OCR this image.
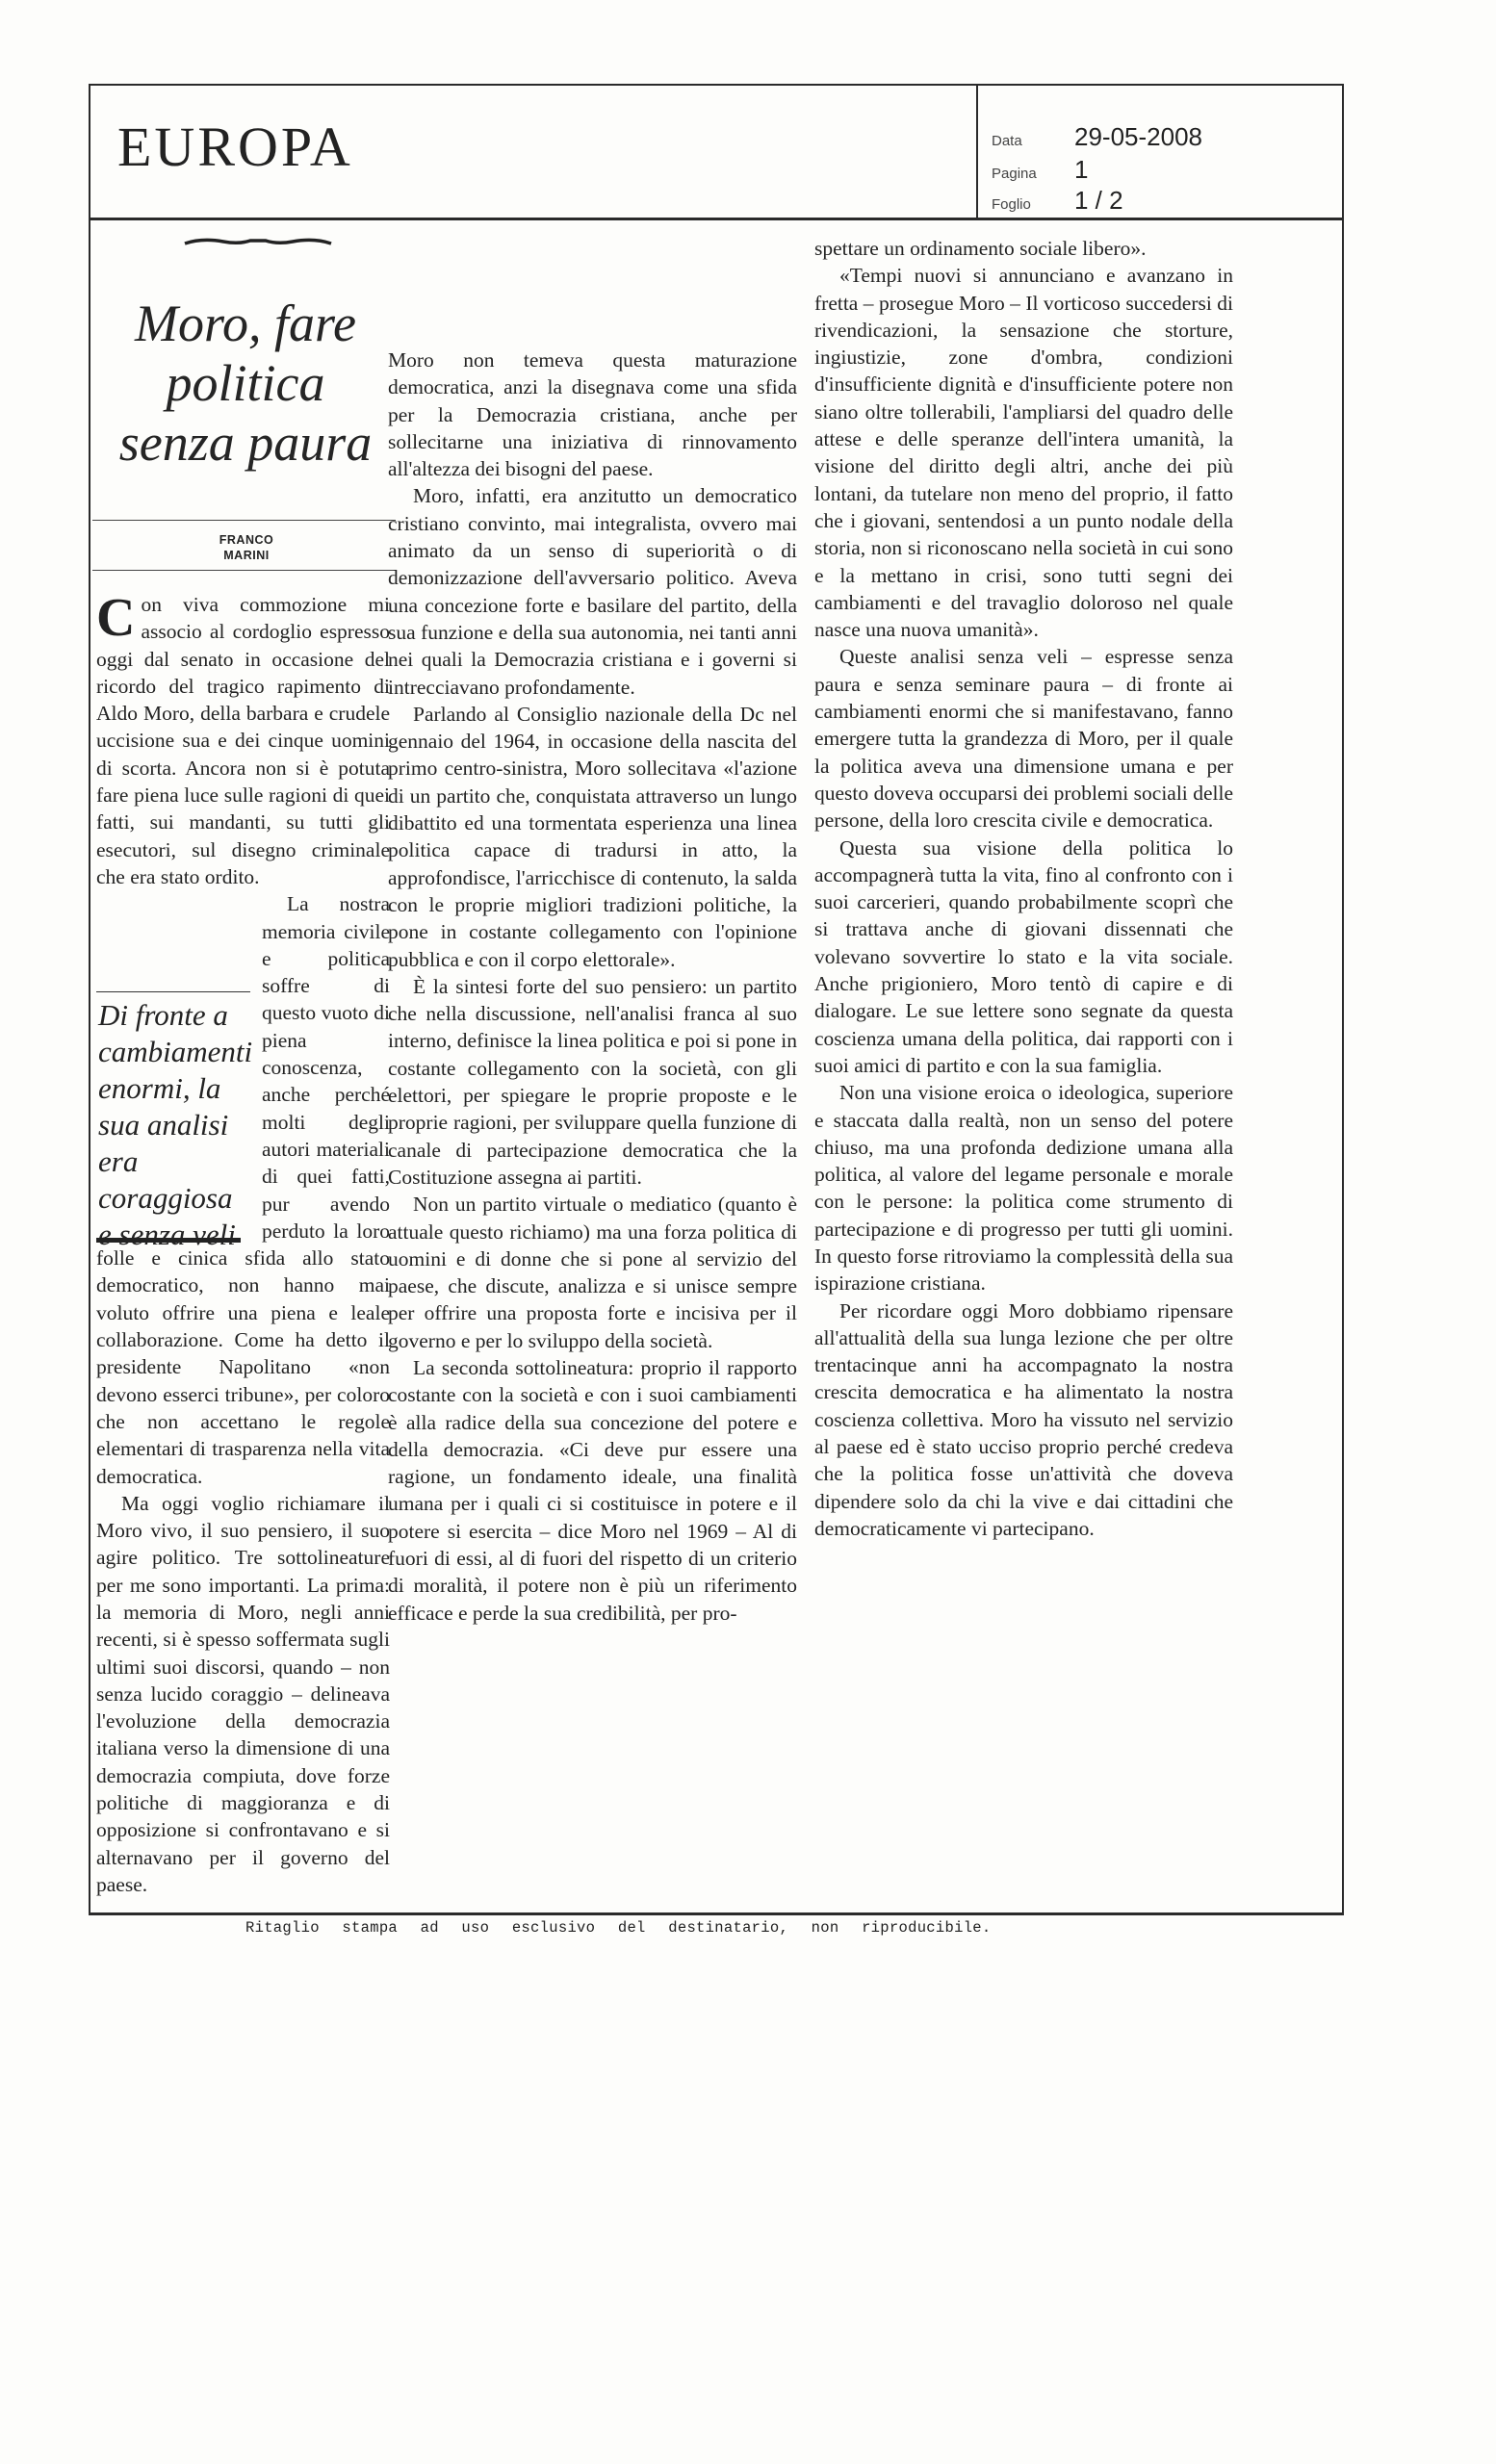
EUROPA	Data 29-05-2008
Pagina 1
Foglio 1 / 2
Moro, fare
politica
senza paura
FRANCO
MARINI

Con viva commozione mi associo al cordoglio espresso oggi dal senato in occasione del ricordo del tragico rapimento di Aldo Moro, della barbara e crudele uccisione sua e dei cinque uomini di scorta. Ancora non si è potuta fare piena luce sulle ragioni di quei fatti, sui mandanti, su tutti gli esecutori, sul disegno criminale che era stato ordito.

La nostra memoria civile e politica soffre di questo vuoto di piena conoscenza, anche perché molti degli autori materiali di quei fatti, pur avendo perduto la loro folle e cinica sfida allo stato democratico, non hanno mai voluto offrire una piena e leale collaborazione. Come ha detto il presidente Napolitano «non devono esserci tribune», per coloro che non accettano le regole elementari di trasparenza nella vita democratica.

Ma oggi voglio richiamare il Moro vivo, il suo pensiero, il suo agire politico. Tre sottolineature per me sono importanti. La prima: la memoria di Moro, negli anni recenti, si è spesso soffermata sugli ultimi suoi discorsi, quando – non senza lucido coraggio – delineava l'evoluzione della democrazia italiana verso la dimensione di una democrazia compiuta, dove forze politiche di maggioranza e di opposizione si confrontavano e si alternavano per il governo del paese.

Di fronte a cambiamenti enormi, la sua analisi era coraggiosa e senza veli

Moro non temeva questa maturazione democratica, anzi la disegnava come una sfida per la Democrazia cristiana, anche per sollecitarne una iniziativa di rinnovamento all'altezza dei bisogni del paese.

Moro, infatti, era anzitutto un democratico cristiano convinto, mai integralista, ovvero mai animato da un senso di superiorità o di demonizzazione dell'avversario politico. Aveva una concezione forte e basilare del partito, della sua funzione e della sua autonomia, nei tanti anni nei quali la Democrazia cristiana e i governi si intrecciavano profondamente.

Parlando al Consiglio nazionale della Dc nel gennaio del 1964, in occasione della nascita del primo centro-sinistra, Moro sollecitava «l'azione di un partito che, conquistata attraverso un lungo dibattito ed una tormentata esperienza una linea politica capace di tradursi in atto, la approfondisce, l'arricchisce di contenuto, la salda con le proprie migliori tradizioni politiche, la pone in costante collegamento con l'opinione pubblica e con il corpo elettorale».

È la sintesi forte del suo pensiero: un partito che nella discussione, nell'analisi franca al suo interno, definisce la linea politica e poi si pone in costante collegamento con la società, con gli elettori, per spiegare le proprie proposte e le proprie ragioni, per sviluppare quella funzione di canale di partecipazione democratica che la Costituzione assegna ai partiti.

Non un partito virtuale o mediatico (quanto è attuale questo richiamo) ma una forza politica di uomini e di donne che si pone al servizio del paese, che discute, analizza e si unisce sempre per offrire una proposta forte e incisiva per il governo e per lo sviluppo della società.

La seconda sottolineatura: proprio il rapporto costante con la società e con i suoi cambiamenti è alla radice della sua concezione del potere e della democrazia. «Ci deve pur essere una ragione, un fondamento ideale, una finalità umana per i quali ci si costituisce in potere e il potere si esercita – dice Moro nel 1969 – Al di fuori di essi, al di fuori del rispetto di un criterio di moralità, il potere non è più un riferimento efficace e perde la sua credibilità, per pro-

spettare un ordinamento sociale libero».

«Tempi nuovi si annunciano e avanzano in fretta – prosegue Moro – Il vorticoso succedersi di rivendicazioni, la sensazione che storture, ingiustizie, zone d'ombra, condizioni d'insufficiente dignità e d'insufficiente potere non siano oltre tollerabili, l'ampliarsi del quadro delle attese e delle speranze dell'intera umanità, la visione del diritto degli altri, anche dei più lontani, da tutelare non meno del proprio, il fatto che i giovani, sentendosi a un punto nodale della storia, non si riconoscano nella società in cui sono e la mettano in crisi, sono tutti segni dei cambiamenti e del travaglio doloroso nel quale nasce una nuova umanità».

Queste analisi senza veli – espresse senza paura e senza seminare paura – di fronte ai cambiamenti enormi che si manifestavano, fanno emergere tutta la grandezza di Moro, per il quale la politica aveva una dimensione umana e per questo doveva occuparsi dei problemi sociali delle persone, della loro crescita civile e democratica.

Questa sua visione della politica lo accompagnerà tutta la vita, fino al confronto con i suoi carcerieri, quando probabilmente scoprì che si trattava anche di giovani dissennati che volevano sovvertire lo stato e la vita sociale. Anche prigioniero, Moro tentò di capire e di dialogare. Le sue lettere sono segnate da questa coscienza umana della politica, dai rapporti con i suoi amici di partito e con la sua famiglia.

Non una visione eroica o ideologica, superiore e staccata dalla realtà, non un senso del potere chiuso, ma una profonda dedizione umana alla politica, al valore del legame personale e morale con le persone: la politica come strumento di partecipazione e di progresso per tutti gli uomini. In questo forse ritroviamo la complessità della sua ispirazione cristiana.

Per ricordare oggi Moro dobbiamo ripensare all'attualità della sua lunga lezione che per oltre trentacinque anni ha accompagnato la nostra crescita democratica e ha alimentato la nostra coscienza collettiva. Moro ha vissuto nel servizio al paese ed è stato ucciso proprio perché credeva che la politica fosse un'attività che doveva dipendere solo da chi la vive e dai cittadini che democraticamente vi partecipano.

Ritaglio stampa ad uso esclusivo del destinatario, non riproducibile.
